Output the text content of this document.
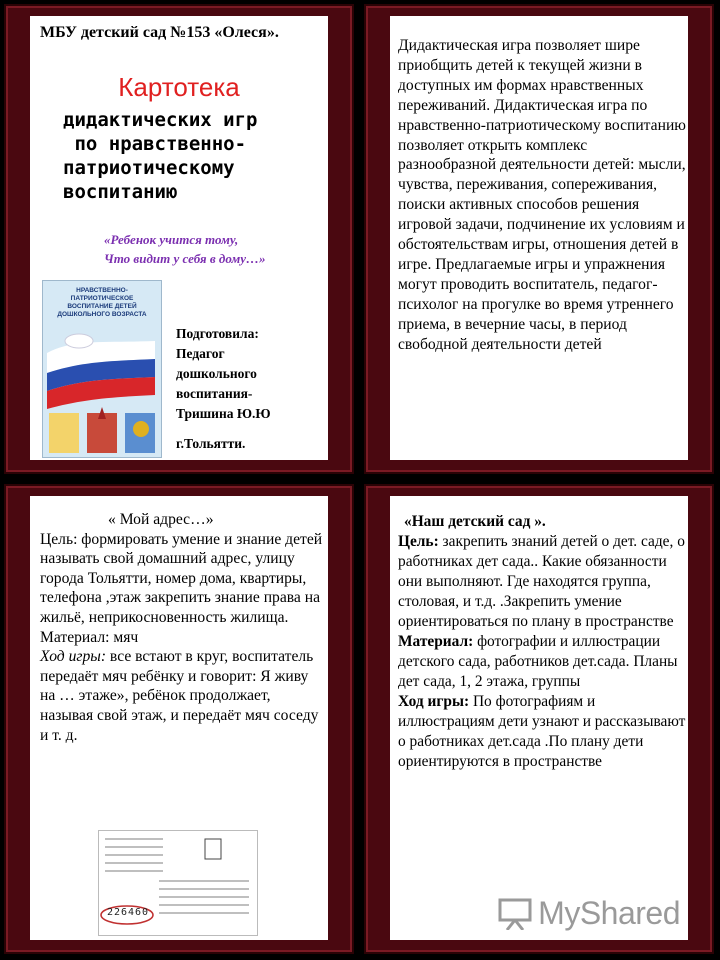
МБУ детский сад №153 «Олеся».
Картотека
дидактических игр
по нравственно-
патриотическому
воспитанию
«Ребенок учится тому,
Что видит у себя в дому…»
НРАВСТВЕННО-ПАТРИОТИЧЕСКОЕ ВОСПИТАНИЕ ДЕТЕЙ ДОШКОЛЬНОГО ВОЗРАСТА
Подготовила:
Педагог
дошкольного
воспитания-
Тришина Ю.Ю
г.Тольятти.
Дидактическая игра позволяет шире приобщить детей к текущей жизни в доступных им формах нравственных переживаний. Дидактическая игра по нравственно-патриотическому воспитанию позволяет открыть комплекс разнообразной деятельности детей: мысли, чувства, переживания, сопереживания, поиски активных способов решения игровой задачи, подчинение их условиям и обстоятельствам игры, отношения детей в игре. Предлагаемые игры и упражнения могут проводить воспитатель, педагог-психолог на прогулке во время утреннего приема, в вечерние часы, в период свободной деятельности детей
« Мой адрес…»
Цель: формировать умение и знание детей называть свой домашний адрес, улицу города Тольятти, номер дома, квартиры, телефона ,этаж закрепить знание права на жильё, неприкосновенность жилища.
Материал: мяч
Ход игры: все встают в круг, воспитатель передаёт мяч ребёнку и говорит: Я живу на … этаже», ребёнок продолжает, называя свой этаж, и передаёт мяч соседу и т. д.
226460
«Наш детский сад ».
Цель: закрепить знаний детей о дет. саде, о работниках дет сада.. Какие обязанности они выполняют. Где находятся группа, столовая, и т.д. .Закрепить умение ориентироваться по плану в пространстве
Материал: фотографии и иллюстрации детского сада, работников дет.сада. Планы дет сада, 1, 2 этажа, группы
Ход игры: По фотографиям и иллюстрациям дети узнают и рассказывают о работниках дет.сада .По плану дети ориентируются в пространстве
MyShared
